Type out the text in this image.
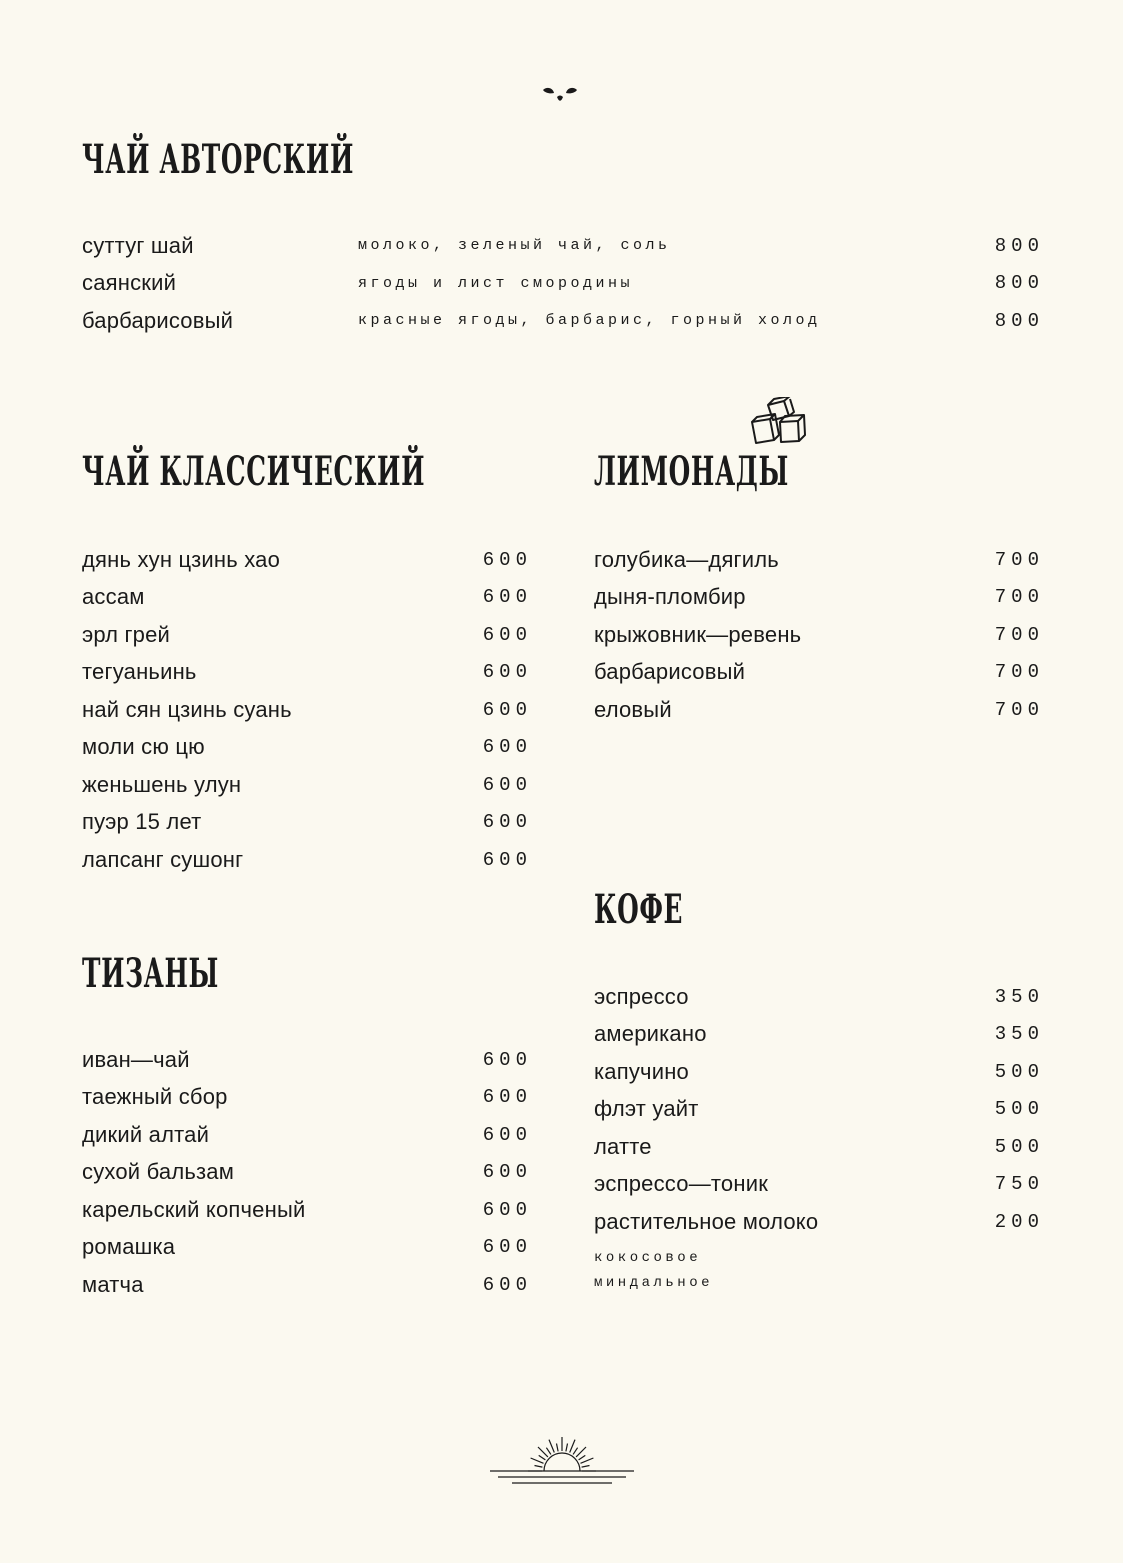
ЧАЙ АВТОРСКИЙ
суттуг шай	молоко, зеленый чай, соль	800
саянский	ягоды и лист смородины	800
барбарисовый	красные ягоды, барбарис, горный холод	800
ЧАЙ КЛАССИЧЕСКИЙ
дянь хун цзинь хао	600
ассам	600
эрл грей	600
тегуаньинь	600
най сян цзинь суань	600
моли сю цю	600
женьшень улун	600
пуэр 15 лет	600
лапсанг сушонг	600
ТИЗАНЫ
иван—чай	600
таежный сбор	600
дикий алтай	600
сухой бальзам	600
карельский копченый	600
ромашка	600
матча	600
ЛИМОНАДЫ
голубика—дягиль	700
дыня-пломбир	700
крыжовник—ревень	700
барбарисовый	700
еловый	700
КОФЕ
эспрессо	350
американо	350
капучино	500
флэт уайт	500
латте	500
эспрессо—тоник	750
растительное молоко	200
кокосовое
миндальное
